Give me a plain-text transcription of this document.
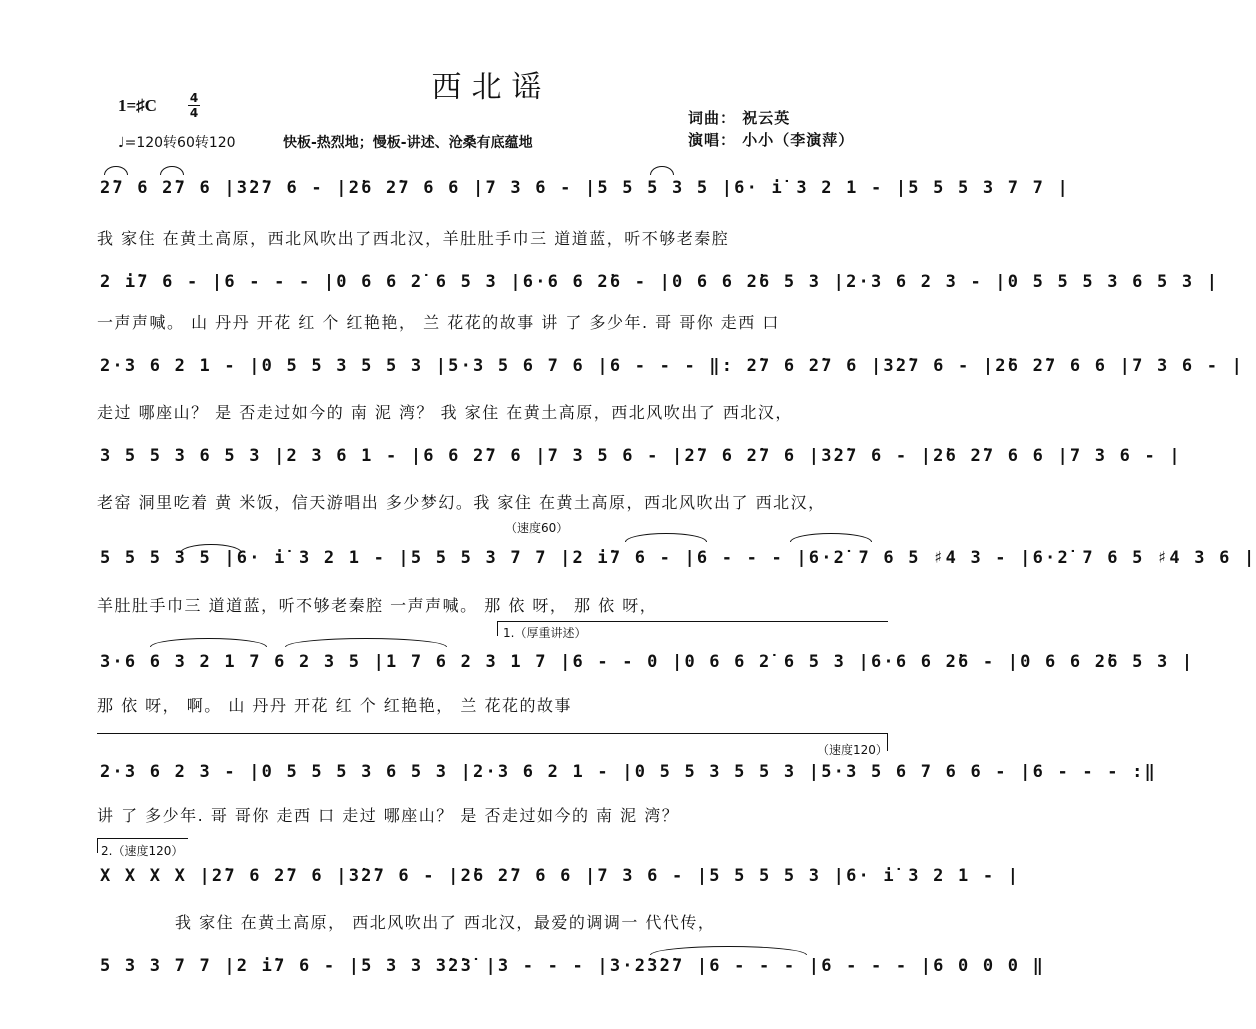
西北谣
1=♯C	4
4
♩=120转60转120	快板-热烈地；慢板-讲述、沧桑有底蕴地
词曲： 祝云英
演唱： 小小（李演萍）
2̇7 6 2̇7 6 |3̇2̇7 6 - |2̇6 2̇7 6 6 |7 3 6 - |5 5 5 3 5 |6· i̇ 3 2 1 - |5 5 5 3 7 7 |
我 家住 在黄土高原，西北风吹出了西北汉，羊肚肚手巾三 道道蓝，听不够老秦腔
2 i̇7 6 - |6 - - - |0 6 6 2̇ 6 5 3 |6·6 6 2̇6 - |0 6 6 2̇6 5 3 |2·3 6 2 3 - |0 5 5 5 3 6 5 3 |
一声声喊。 山 丹丹 开花 红 个 红艳艳， 兰 花花的故事 讲 了 多少年. 哥 哥你 走西 口
2·3 6 2 1 - |0 5 5 3 5 5 3 |5·3 5 6 7 6 |6 - - - ‖: 2̇7 6 2̇7 6 |3̇2̇7 6 - |2̇6 2̇7 6 6 |7 3 6 - |
走过 哪座山？ 是 否走过如今的 南 泥 湾？ 我 家住 在黄土高原，西北风吹出了 西北汉，
3 5 5 3 6 5 3 |2 3 6 1 - |6 6 2̇7 6 |7 3 5 6 - |2̇7 6 2̇7 6 |3̇2̇7 6 - |2̇6 2̇7 6 6 |7 3 6 - |
老窑 洞里吃着 黄 米饭，信天游唱出 多少梦幻。我 家住 在黄土高原，西北风吹出了 西北汉，
（速度60）
5 5 5 3 5 |6· i̇ 3 2 1 - |5 5 5 3 7 7 |2 i̇7 6 - |6 - - - |6·2̇ 7 6 5 ♯4 3 - |6·2̇ 7 6 5 ♯4 3 6 |
羊肚肚手巾三 道道蓝，听不够老秦腔 一声声喊。 那 依 呀， 那 依 呀，
1.（厚重讲述）
3·6 6 3 2 1 7 6 2 3 5 |1 7 6 2 3 1 7 |6 - - 0 |0 6 6 2̇ 6 5 3 |6·6 6 2̇6 - |0 6 6 2̇6 5 3 |
那 依 呀， 啊。 山 丹丹 开花 红 个 红艳艳， 兰 花花的故事
（速度120）
2·3 6 2 3 - |0 5 5 5 3 6 5 3 |2·3 6 2 1 - |0 5 5 3 5 5 3 |5·3 5 6 7 6 6 - |6 - - - :‖
讲 了 多少年. 哥 哥你 走西 口 走过 哪座山？ 是 否走过如今的 南 泥 湾？
2.（速度120）
X X X X |2̇7 6 2̇7 6 |3̇2̇7 6 - |2̇6 2̇7 6 6 |7 3 6 - |5 5 5 5 3 |6· i̇ 3 2 1 - |
我 家住 在黄土高原， 西北风吹出了 西北汉，最爱的调调一 代代传，
5 3 3 7 7 |2 i̇7 6 - |5 3 3 3̇2̇3̇ |3 - - - |3·2̇3̇2̇7 |6 - - - |6 - - - |6 0 0 0 ‖
